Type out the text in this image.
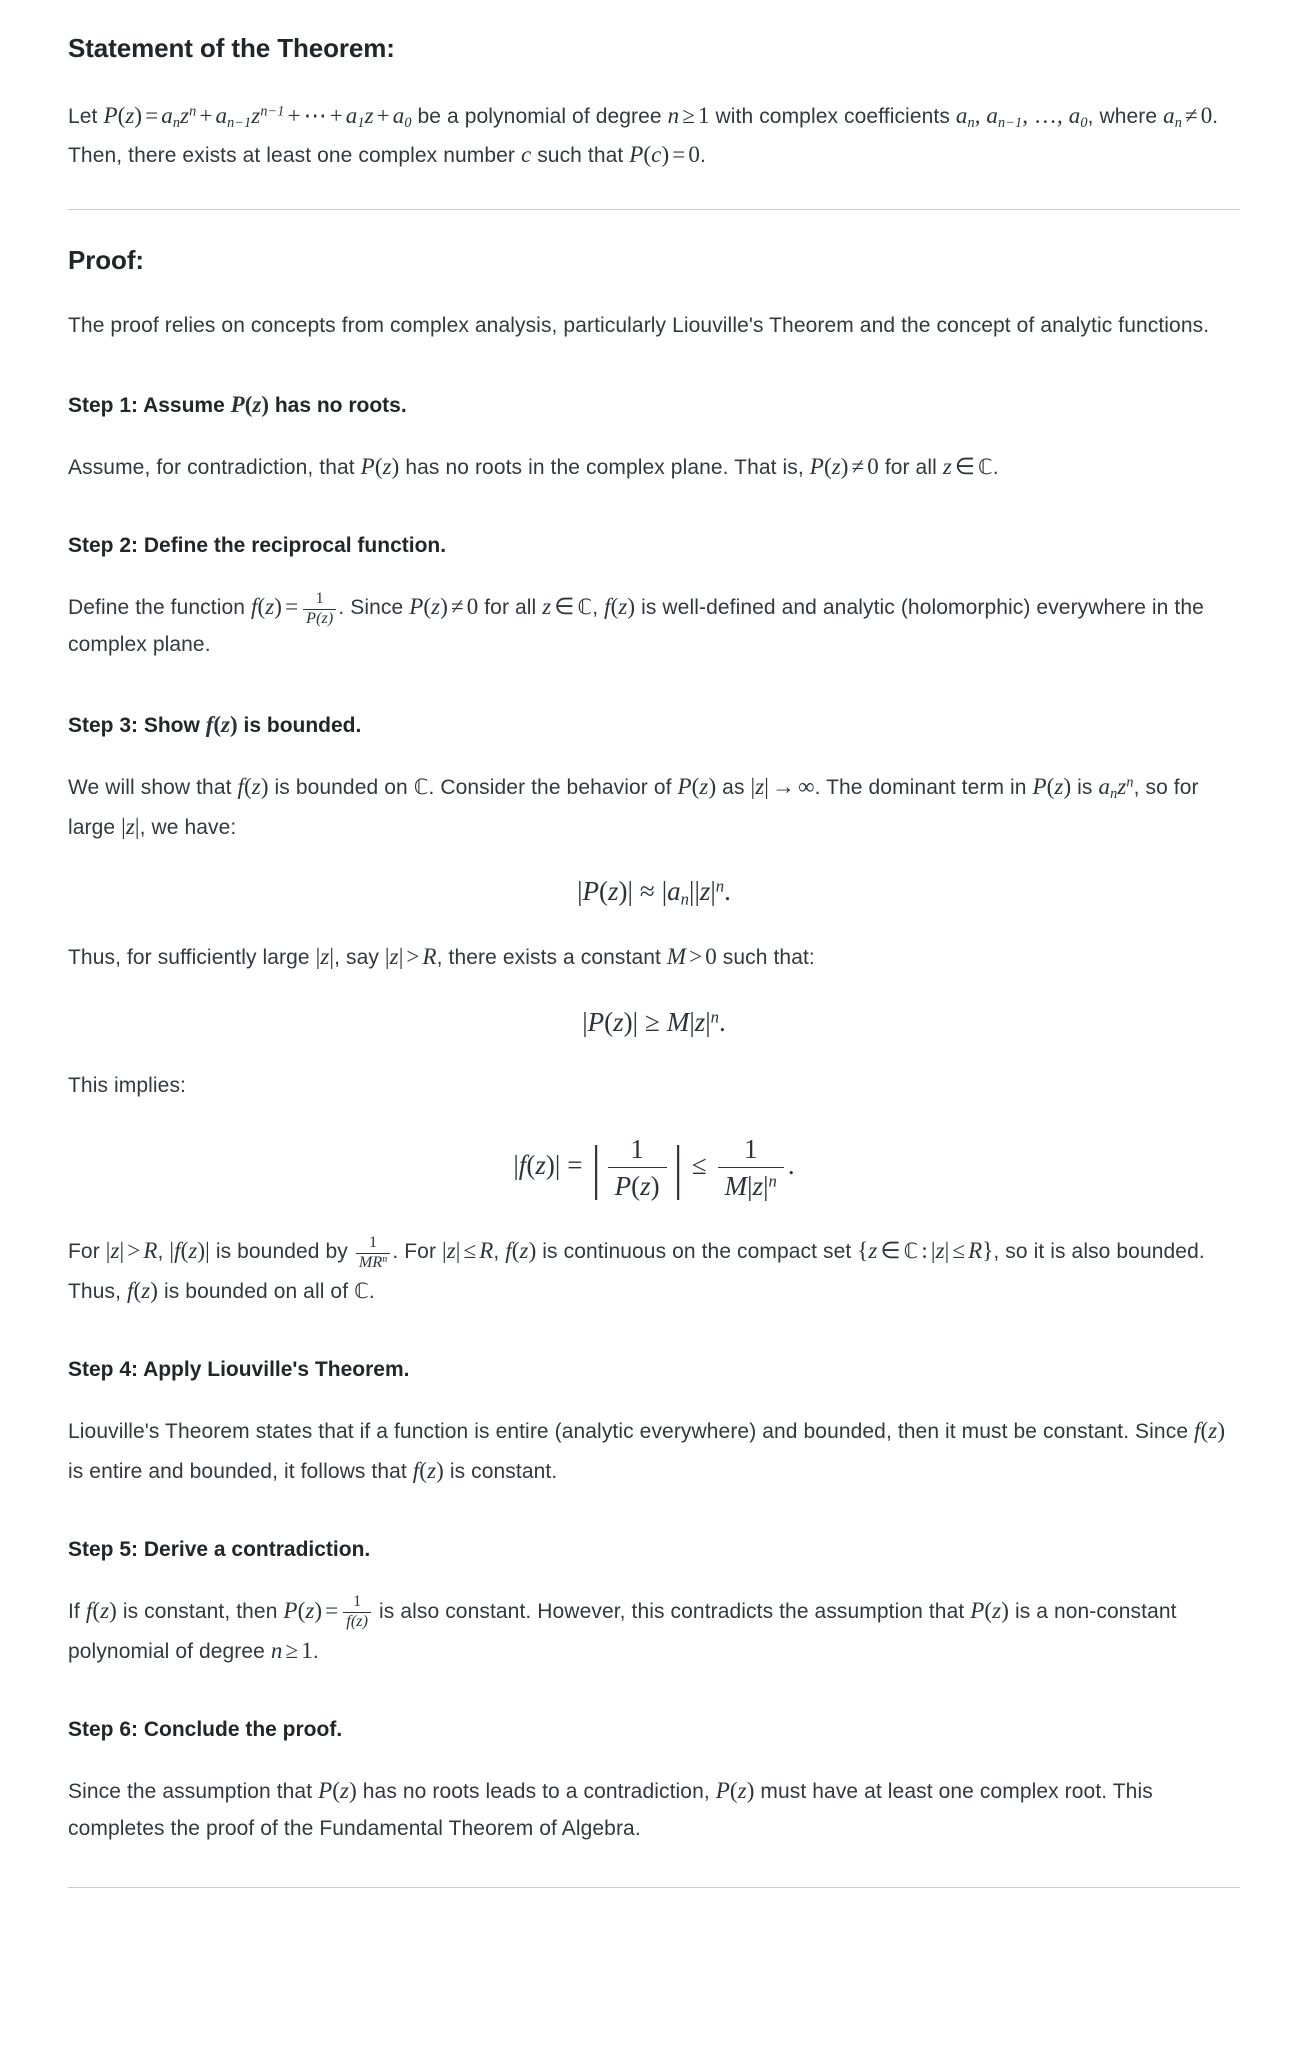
Statement of the Theorem:

Let $P(z) = a_nz^n + a_{n-1}z^{n-1}$ + ⋯ + $a_1z + a_0$ be a polynomial of degree n ≥ 1 with complex coefficients $a_n$, $a_{n-1}$, …, $a_0$, where $a_n \ne 0$. Then, there exists at least one complex number c such that P(c) = 0.

Proof:

The proof relies on concepts from complex analysis, particularly Liouville's Theorem and the concept of analytic functions.

Step 1: Assume P(z) has no roots.

Assume, for contradiction, that P(z) has no roots in the complex plane. That is, P(z) ≠ 0 for all z ∈ ℂ.

Step 2: Define the reciprocal function.

Define the function $f(z) = \frac{1}{P(z)}$ . Since P(z) ≠ 0 for all z ∈ ℂ, f(z) is well-defined and analytic (holomorphic) everywhere in the complex plane.

Step 3: Show f(z) is bounded.

We will show that f(z) is bounded on ℂ. Consider the behavior of P(z) as |z| → ∞. The dominant term in P(z) is $a_nz^n$, so for large |z|, we have:

$|P(z)| \approx |a_n||z|^n$.

Thus, for sufficiently large |z|, say |z| > R, there exists a constant M > 0 such that:

$|P(z)| \ge M|z|^n$.

This implies:

|f(z)| = | $\frac{1}{P(z)}$ | ≤ $\frac{1}{M|z|^n}$ .

For |z| > R, |f(z)| is bounded by $\frac{1}{MR^n}$ . For |z| ≤ R, f(z) is continuous on the compact set {z ∈ ℂ : |z| ≤ R}, so it is also bounded. Thus, f(z) is bounded on all of ℂ.

Step 4: Apply Liouville's Theorem.

Liouville's Theorem states that if a function is entire (analytic everywhere) and bounded, then it must be constant. Since f(z) is entire and bounded, it follows that f(z) is constant.

Step 5: Derive a contradiction.

If f(z) is constant, then $P(z) = \frac{1}{f(z)}$ is also constant. However, this contradicts the assumption that P(z) is a non-constant polynomial of degree n ≥ 1.

Step 6: Conclude the proof.

Since the assumption that P(z) has no roots leads to a contradiction, P(z) must have at least one complex root. This completes the proof of the Fundamental Theorem of Algebra.
